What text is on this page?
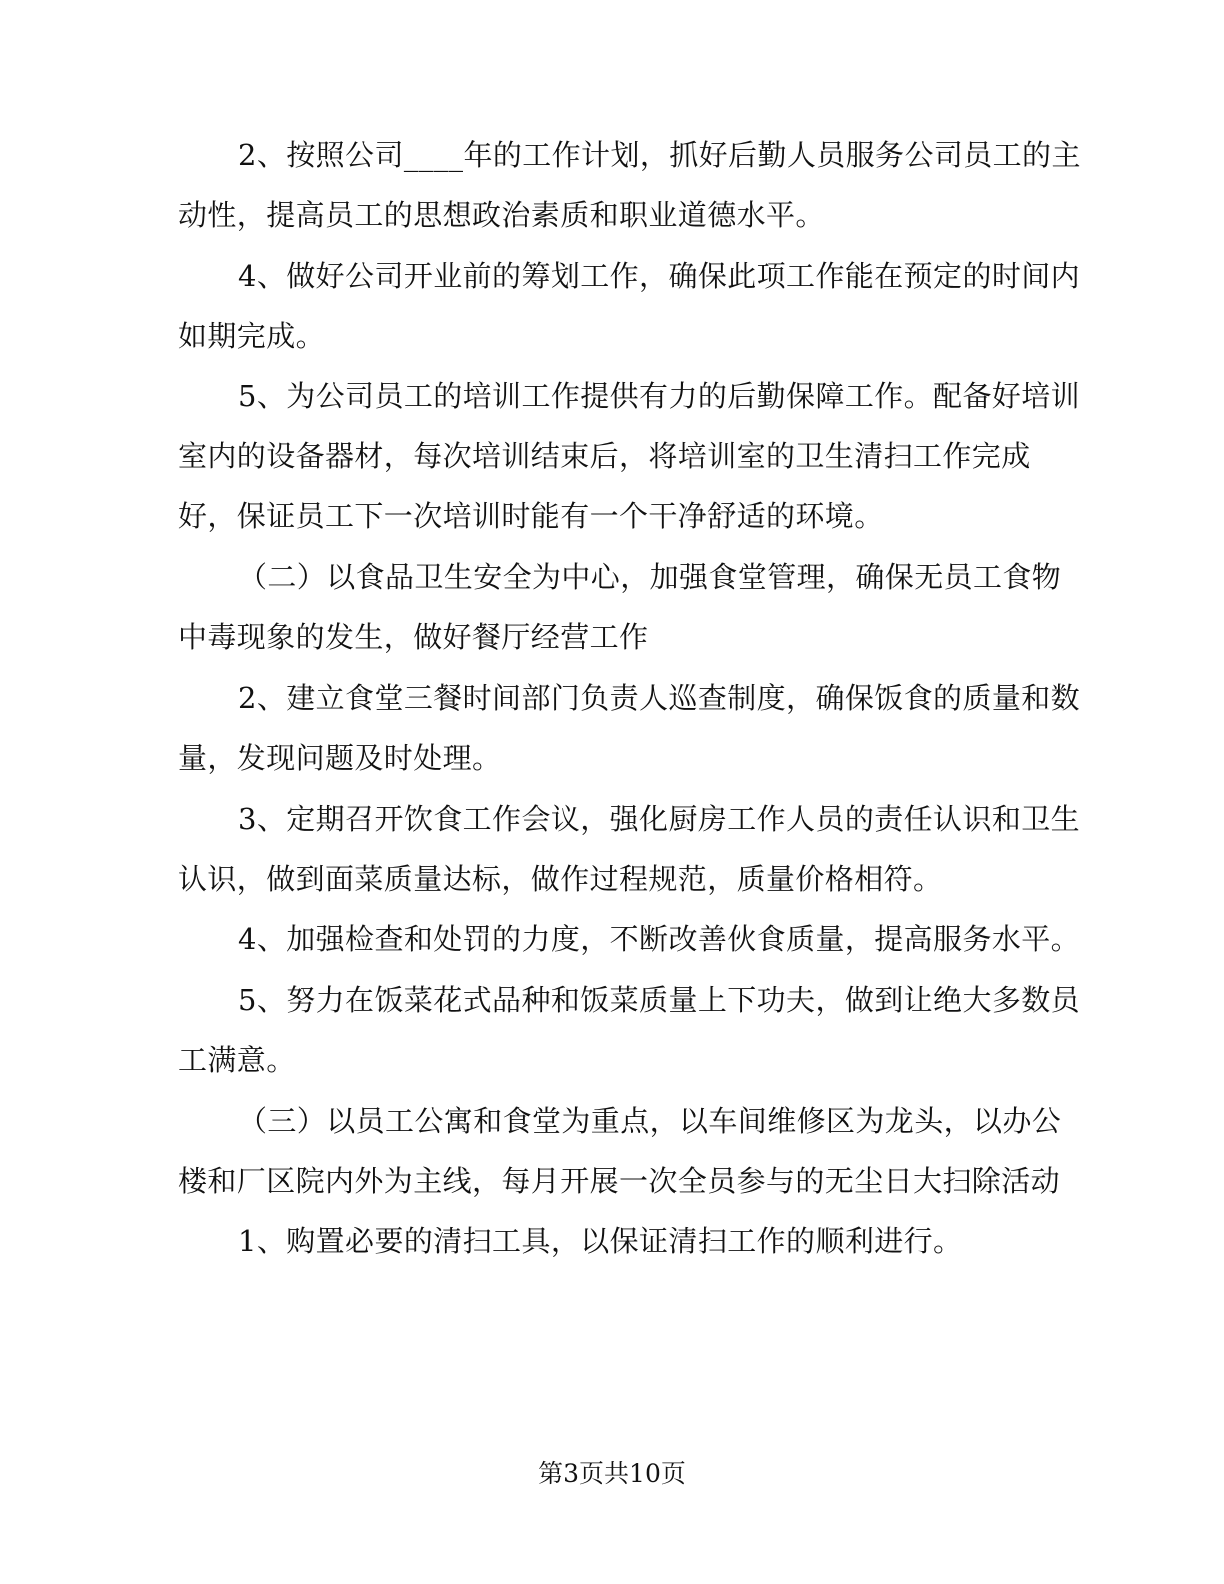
2、按照公司____年的工作计划，抓好后勤人员服务公司员工的主
动性，提高员工的思想政治素质和职业道德水平。
4、做好公司开业前的筹划工作，确保此项工作能在预定的时间内
如期完成。
5、为公司员工的培训工作提供有力的后勤保障工作。配备好培训
室内的设备器材，每次培训结束后，将培训室的卫生清扫工作完成
好，保证员工下一次培训时能有一个干净舒适的环境。
（二）以食品卫生安全为中心，加强食堂管理，确保无员工食物
中毒现象的发生，做好餐厅经营工作
2、建立食堂三餐时间部门负责人巡查制度，确保饭食的质量和数
量，发现问题及时处理。
3、定期召开饮食工作会议，强化厨房工作人员的责任认识和卫生
认识，做到面菜质量达标，做作过程规范，质量价格相符。
4、加强检查和处罚的力度，不断改善伙食质量，提高服务水平。
5、努力在饭菜花式品种和饭菜质量上下功夫，做到让绝大多数员
工满意。
（三）以员工公寓和食堂为重点，以车间维修区为龙头，以办公
楼和厂区院内外为主线，每月开展一次全员参与的无尘日大扫除活动
1、购置必要的清扫工具，以保证清扫工作的顺利进行。
第3页共10页
